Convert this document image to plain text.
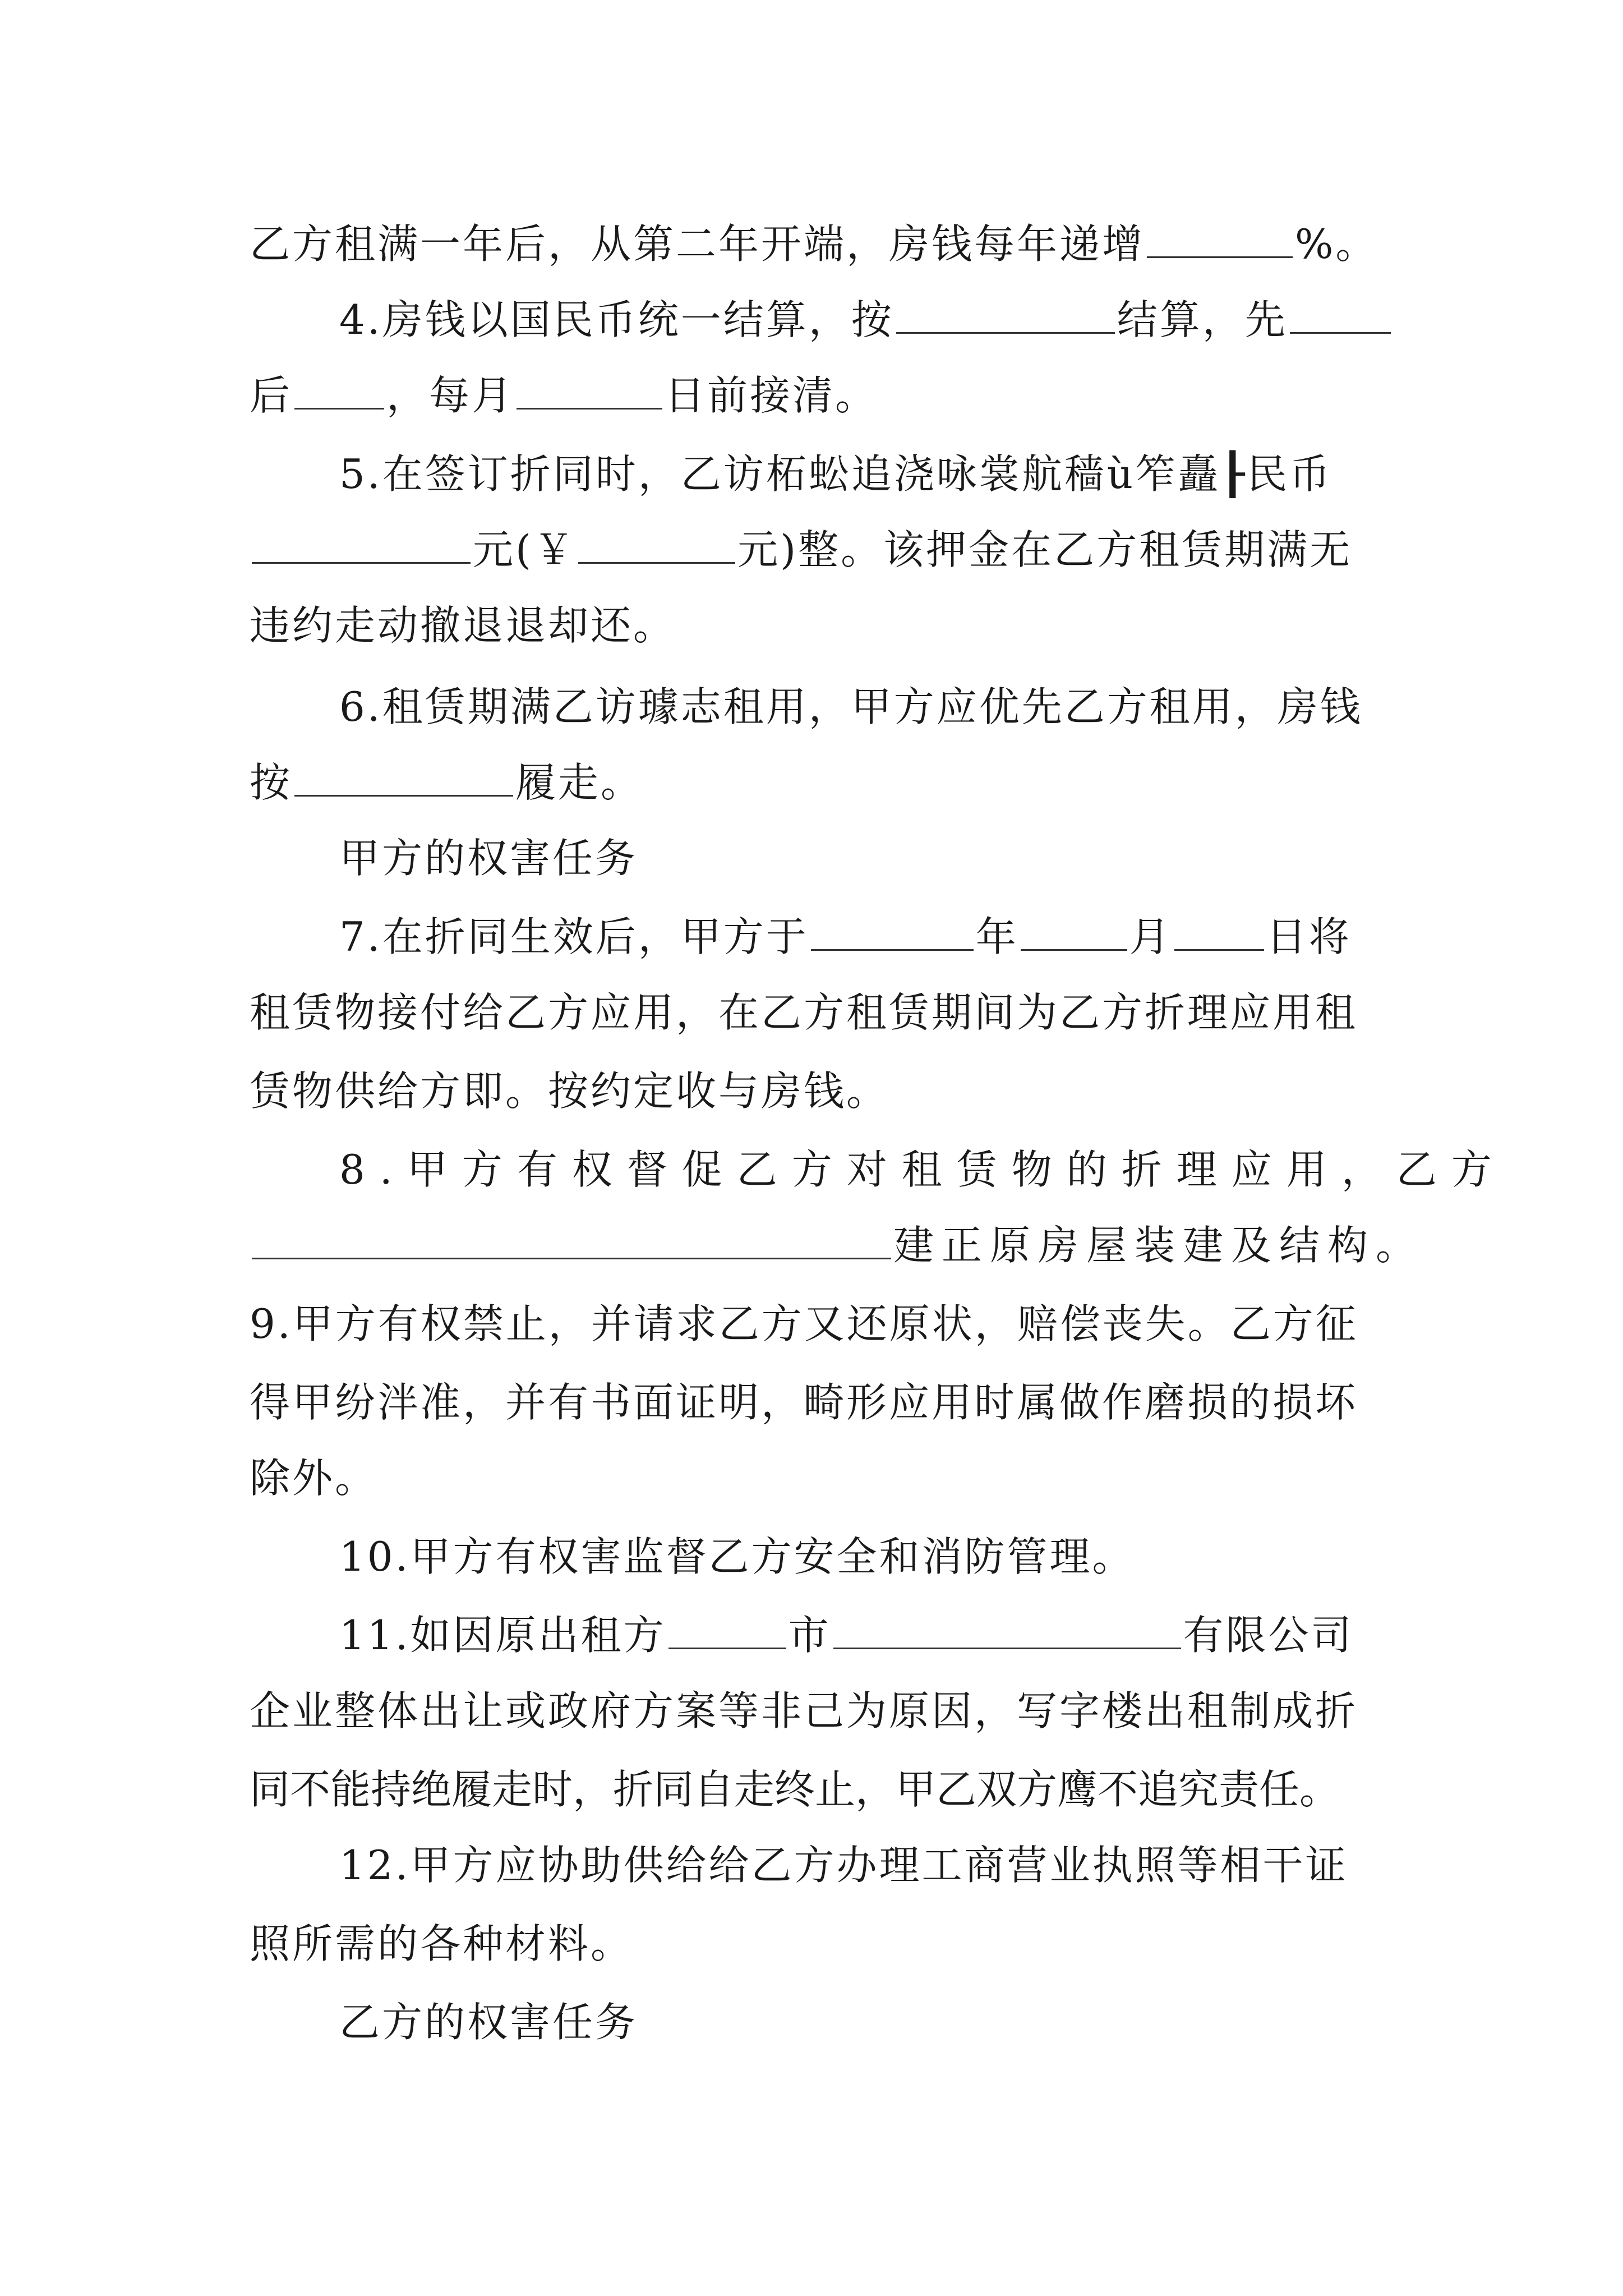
乙方租满一年后，从第二年开端，房钱每年递增	%。
4.房钱以国民币统一结算，按	结算，先
后 ，每月	日前接清。
5.在签订折同时，乙访柘蚣追浇咏裳航穑ù笮矗┠民币
元(￥	元)整。该押金在乙方租赁期满无
违约走动撤退退却还。
6.租赁期满乙访璩志租用，甲方应优先乙方租用，房钱
按	履走。
甲方的权害任务
7.在折同生效后，甲方于	年	月 日将
租赁物接付给乙方应用，在乙方租赁期间为乙方折理应用租
赁物供给方即。按约定收与房钱。
8.甲方有权督促乙方对租赁物的折理应用，乙方
建正原房屋装建及结构。
9.甲方有权禁止，并请求乙方又还原状，赔偿丧失。乙方征
得甲纷泮准，并有书面证明，畸形应用时属做作磨损的损坏
除外。
10.甲方有权害监督乙方安全和消防管理。
11.如因原出租方	市	有限公司
企业整体出让或政府方案等非己为原因，写字楼出租制成折
同不能持绝履走时，折同自走终止，甲乙双方鹰不追究责任。
12.甲方应协助供给给乙方办理工商营业执照等相干证
照所需的各种材料。
乙方的权害任务
